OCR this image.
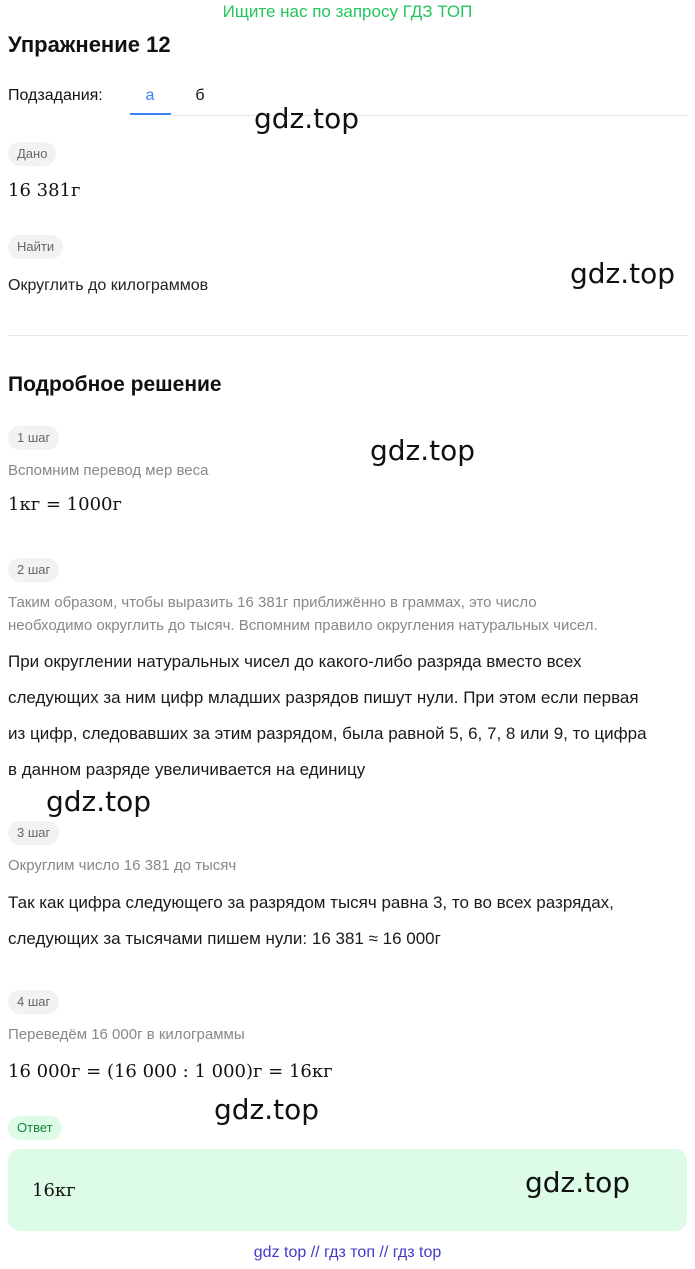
Ищите нас по запросу ГДЗ ТОП
Упражнение 12
Подзадания:	а	б
gdz.top
Дано
16 381г
Найти
Округлить до килограммов	gdz.top
Подробное решение
1 шаг	gdz.top
Вспомним перевод мер веса
1кг = 1000г
2 шаг
Таким образом, чтобы выразить 16 381г приближённо в граммах, это число
необходимо округлить до тысяч. Вспомним правило округления натуральных чисел.
При округлении натуральных чисел до какого-либо разряда вместо всех
следующих за ним цифр младших разрядов пишут нули. При этом если первая
из цифр, следовавших за этим разрядом, была равной 5, 6, 7, 8 или 9, то цифра
в данном разряде увеличивается на единицу
gdz.top
3 шаг
Округлим число 16 381 до тысяч
Так как цифра следующего за разрядом тысяч равна 3, то во всех разрядах,
следующих за тысячами пишем нули: 16 381 ≈ 16 000г
4 шаг
Переведём 16 000г в килограммы
16 000г = (16 000 : 1 000)г = 16кг
gdz.top
Ответ
16кг	gdz.top
gdz top // гдз топ // гдз top
